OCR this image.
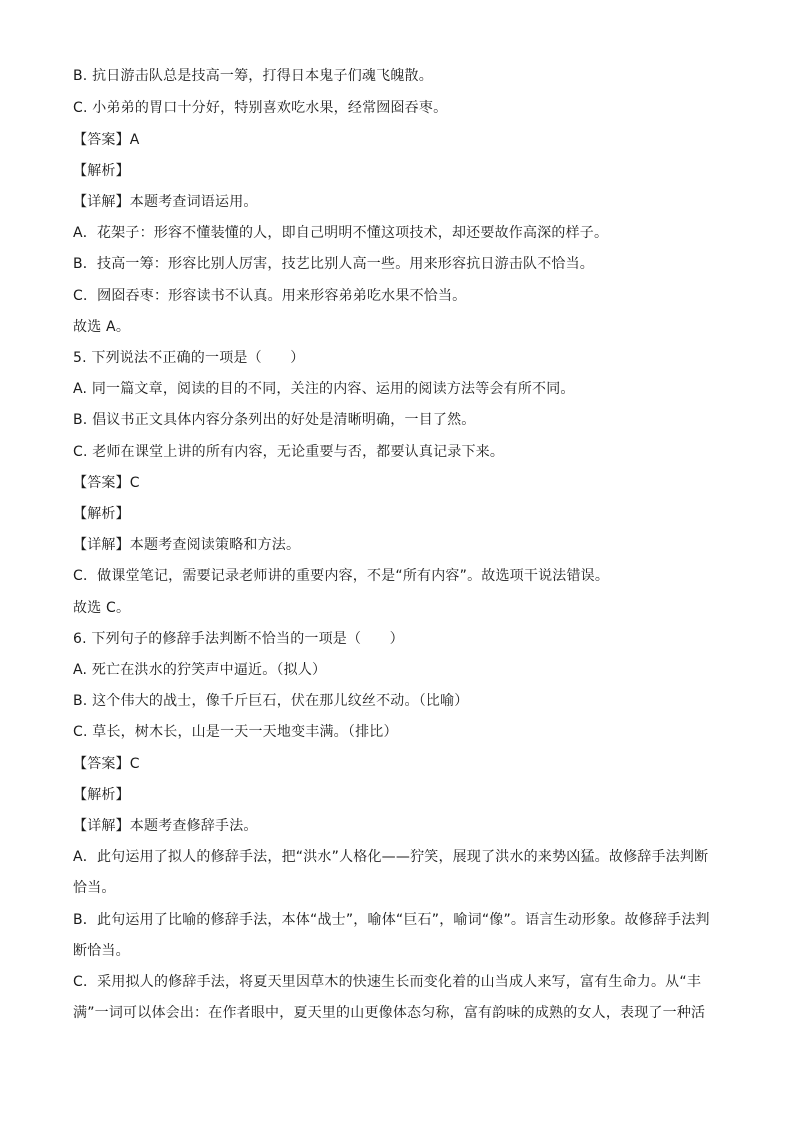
B. 抗日游击队总是技高一筹，打得日本鬼子们魂飞魄散。
C. 小弟弟的胃口十分好，特别喜欢吃水果，经常囫囵吞枣。
【答案】A
【解析】
【详解】本题考查词语运用。
A．花架子：形容不懂装懂的人，即自己明明不懂这项技术，却还要故作高深的样子。
B．技高一筹：形容比别人厉害，技艺比别人高一些。用来形容抗日游击队不恰当。
C．囫囵吞枣：形容读书不认真。用来形容弟弟吃水果不恰当。
故选 A。
5. 下列说法不正确的一项是（　　）
A. 同一篇文章，阅读的目的不同，关注的内容、运用的阅读方法等会有所不同。
B. 倡议书正文具体内容分条列出的好处是清晰明确，一目了然。
C. 老师在课堂上讲的所有内容，无论重要与否，都要认真记录下来。
【答案】C
【解析】
【详解】本题考查阅读策略和方法。
C．做课堂笔记，需要记录老师讲的重要内容，不是“所有内容”。故选项干说法错误。
故选 C。
6. 下列句子的修辞手法判断不恰当的一项是（　　）
A. 死亡在洪水的狞笑声中逼近。（拟人）
B. 这个伟大的战士，像千斤巨石，伏在那儿纹丝不动。（比喻）
C. 草长，树木长，山是一天一天地变丰满。（排比）
【答案】C
【解析】
【详解】本题考查修辞手法。
A．此句运用了拟人的修辞手法，把“洪水”人格化——狞笑，展现了洪水的来势凶猛。故修辞手法判断
恰当。
B．此句运用了比喻的修辞手法，本体“战士”，喻体“巨石”，喻词“像”。语言生动形象。故修辞手法判
断恰当。
C．采用拟人的修辞手法，将夏天里因草木的快速生长而变化着的山当成人来写，富有生命力。从“丰
满”一词可以体会出：在作者眼中，夏天里的山更像体态匀称，富有韵味的成熟的女人，表现了一种活
